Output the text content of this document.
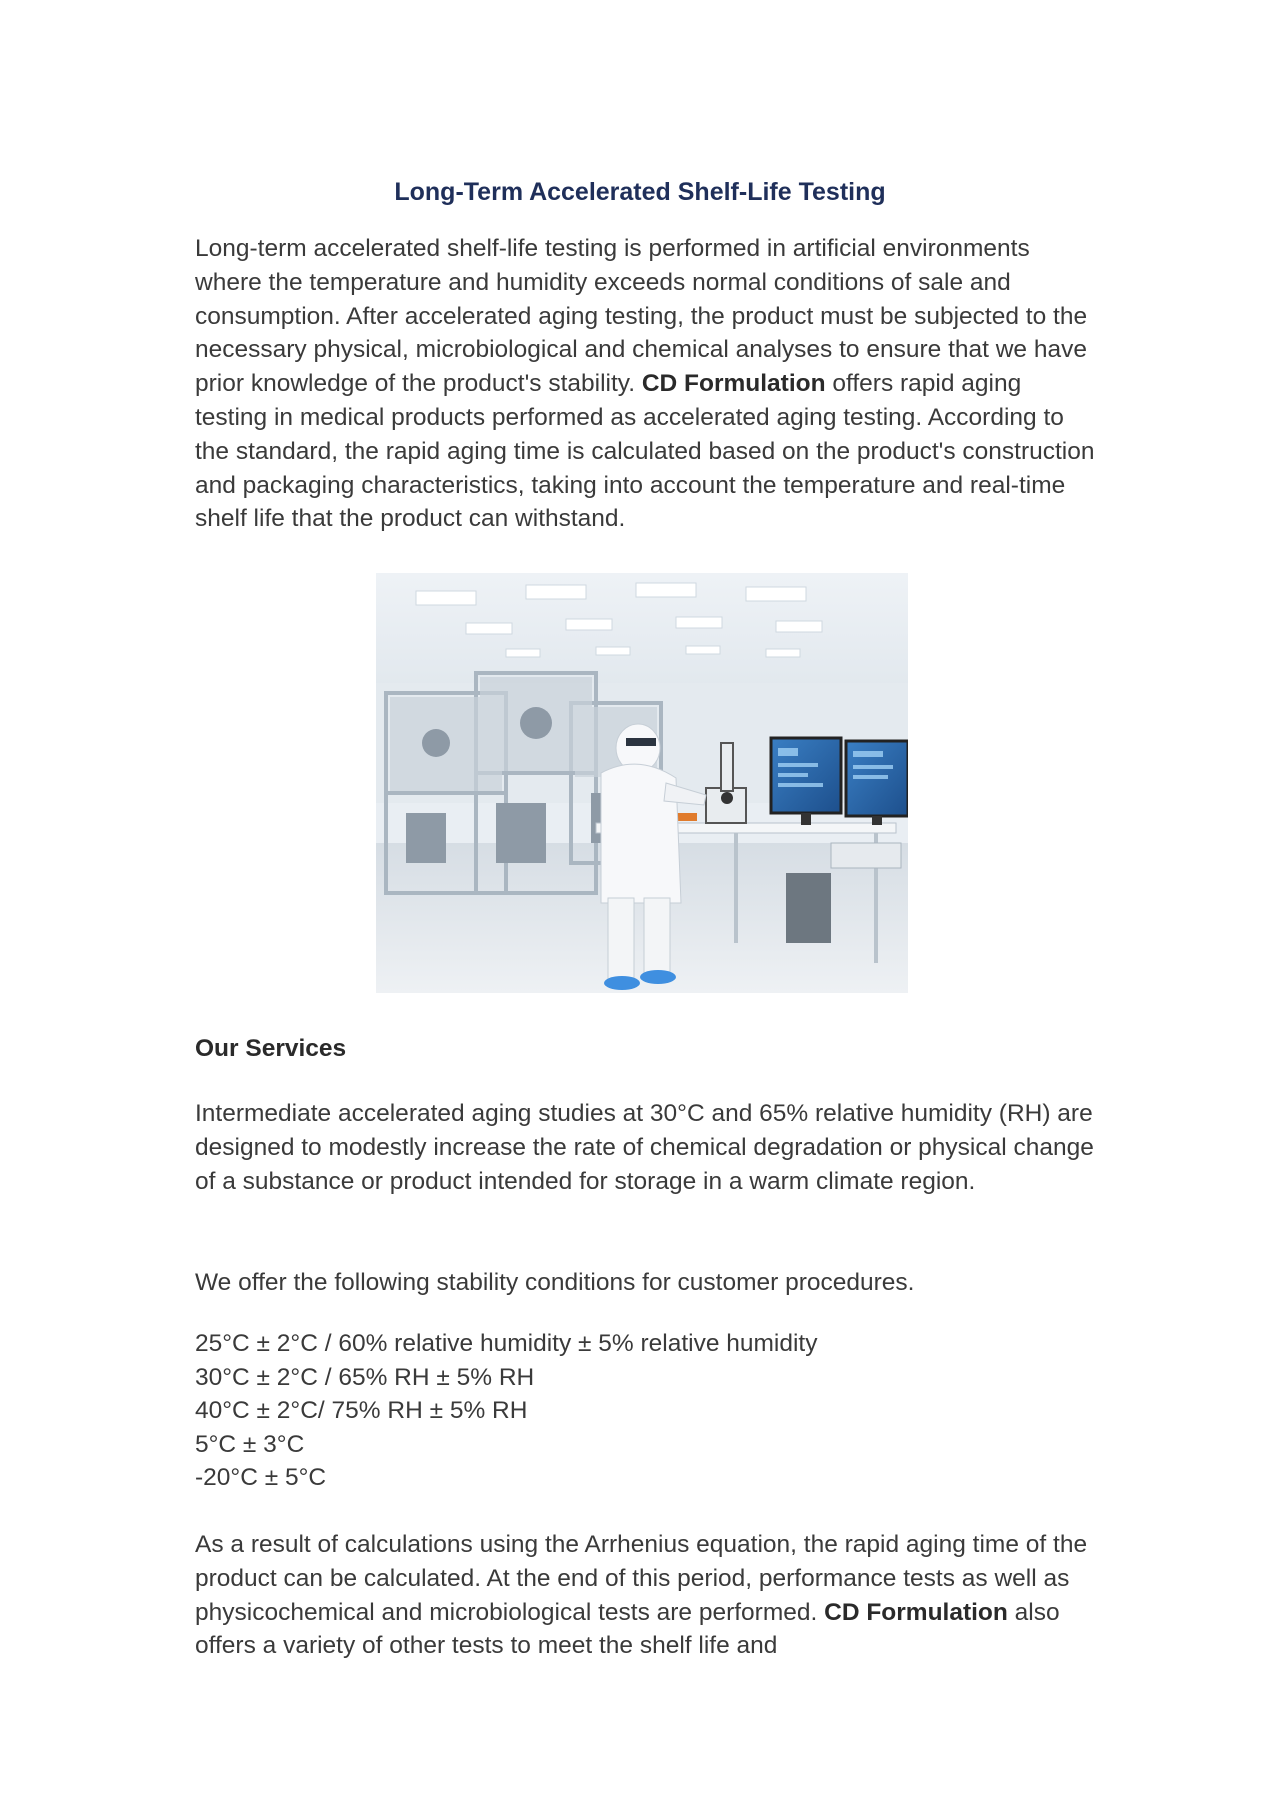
Long-Term Accelerated Shelf-Life Testing

Long-term accelerated shelf-life testing is performed in artificial environments where the temperature and humidity exceeds normal conditions of sale and consumption. After accelerated aging testing, the product must be subjected to the necessary physical, microbiological and chemical analyses to ensure that we have prior knowledge of the product's stability. CD Formulation offers rapid aging testing in medical products performed as accelerated aging testing. According to the standard, the rapid aging time is calculated based on the product's construction and packaging characteristics, taking into account the temperature and real-time shelf life that the product can withstand.

Our Services

Intermediate accelerated aging studies at 30°C and 65% relative humidity (RH) are designed to modestly increase the rate of chemical degradation or physical change of a substance or product intended for storage in a warm climate region.

We offer the following stability conditions for customer procedures.

25°C ± 2°C / 60% relative humidity ± 5% relative humidity
30°C ± 2°C / 65% RH ± 5% RH
40°C ± 2°C/ 75% RH ± 5% RH
5°C ± 3°C
-20°C ± 5°C

As a result of calculations using the Arrhenius equation, the rapid aging time of the product can be calculated. At the end of this period, performance tests as well as physicochemical and microbiological tests are performed. CD Formulation also offers a variety of other tests to meet the shelf life and
